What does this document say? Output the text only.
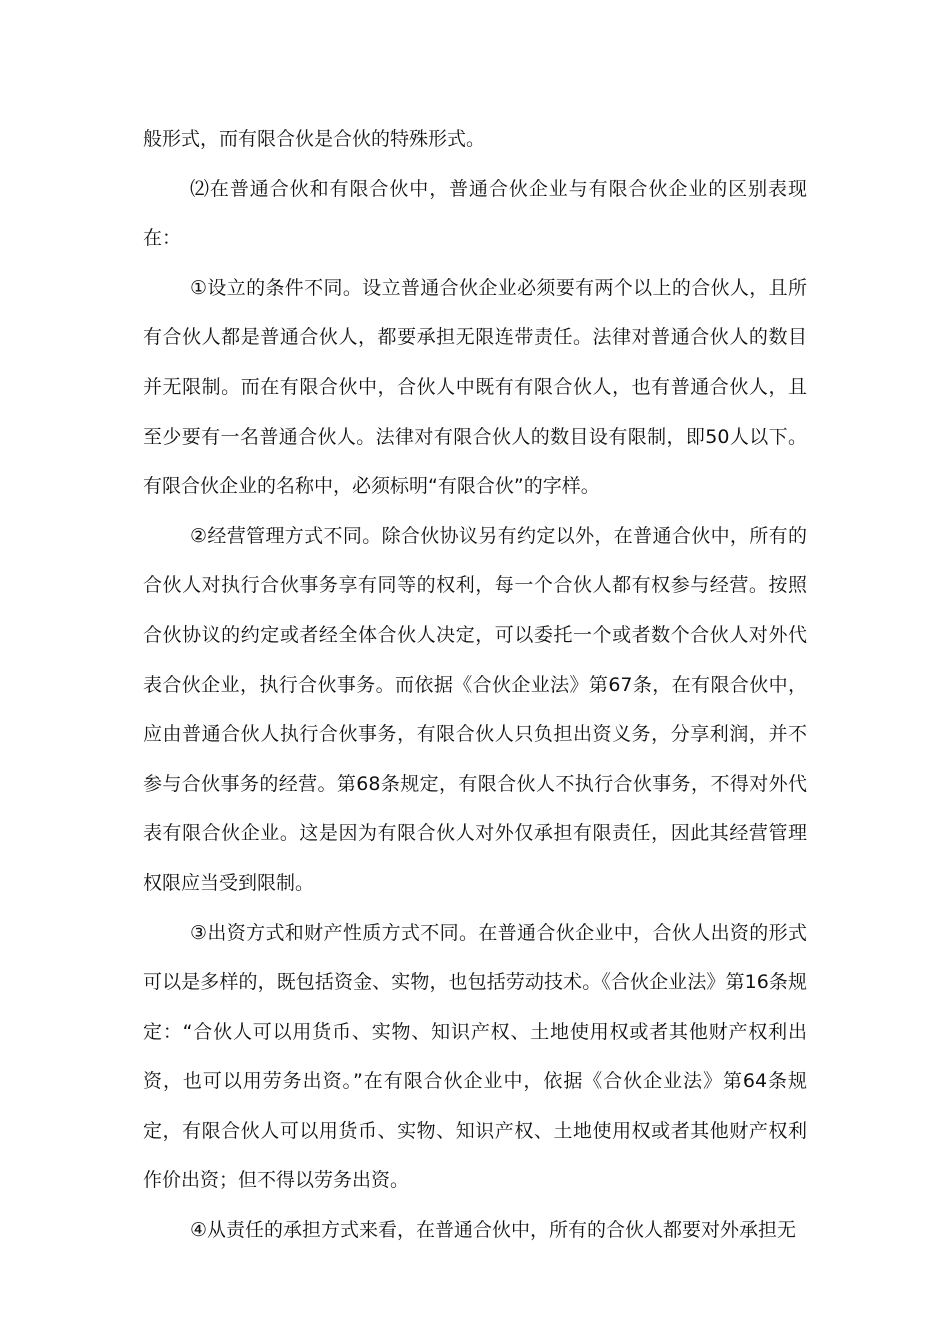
般形式，而有限合伙是合伙的特殊形式。

⑵在普通合伙和有限合伙中，普通合伙企业与有限合伙企业的区别表现在：

①设立的条件不同。设立普通合伙企业必须要有两个以上的合伙人，且所有合伙人都是普通合伙人，都要承担无限连带责任。法律对普通合伙人的数目并无限制。而在有限合伙中，合伙人中既有有限合伙人，也有普通合伙人，且至少要有一名普通合伙人。法律对有限合伙人的数目设有限制，即50人以下。有限合伙企业的名称中，必须标明“有限合伙”的字样。

②经营管理方式不同。除合伙协议另有约定以外，在普通合伙中，所有的合伙人对执行合伙事务享有同等的权利，每一个合伙人都有权参与经营。按照合伙协议的约定或者经全体合伙人决定，可以委托一个或者数个合伙人对外代表合伙企业，执行合伙事务。而依据《合伙企业法》第67条，在有限合伙中，应由普通合伙人执行合伙事务，有限合伙人只负担出资义务，分享利润，并不参与合伙事务的经营。第68条规定，有限合伙人不执行合伙事务，不得对外代表有限合伙企业。这是因为有限合伙人对外仅承担有限责任，因此其经营管理权限应当受到限制。

③出资方式和财产性质方式不同。在普通合伙企业中，合伙人出资的形式可以是多样的，既包括资金、实物，也包括劳动技术。《合伙企业法》第16条规定：“合伙人可以用货币、实物、知识产权、土地使用权或者其他财产权利出资，也可以用劳务出资。”在有限合伙企业中，依据《合伙企业法》第64条规定，有限合伙人可以用货币、实物、知识产权、土地使用权或者其他财产权利作价出资；但不得以劳务出资。

④从责任的承担方式来看，在普通合伙中，所有的合伙人都要对外承担无
